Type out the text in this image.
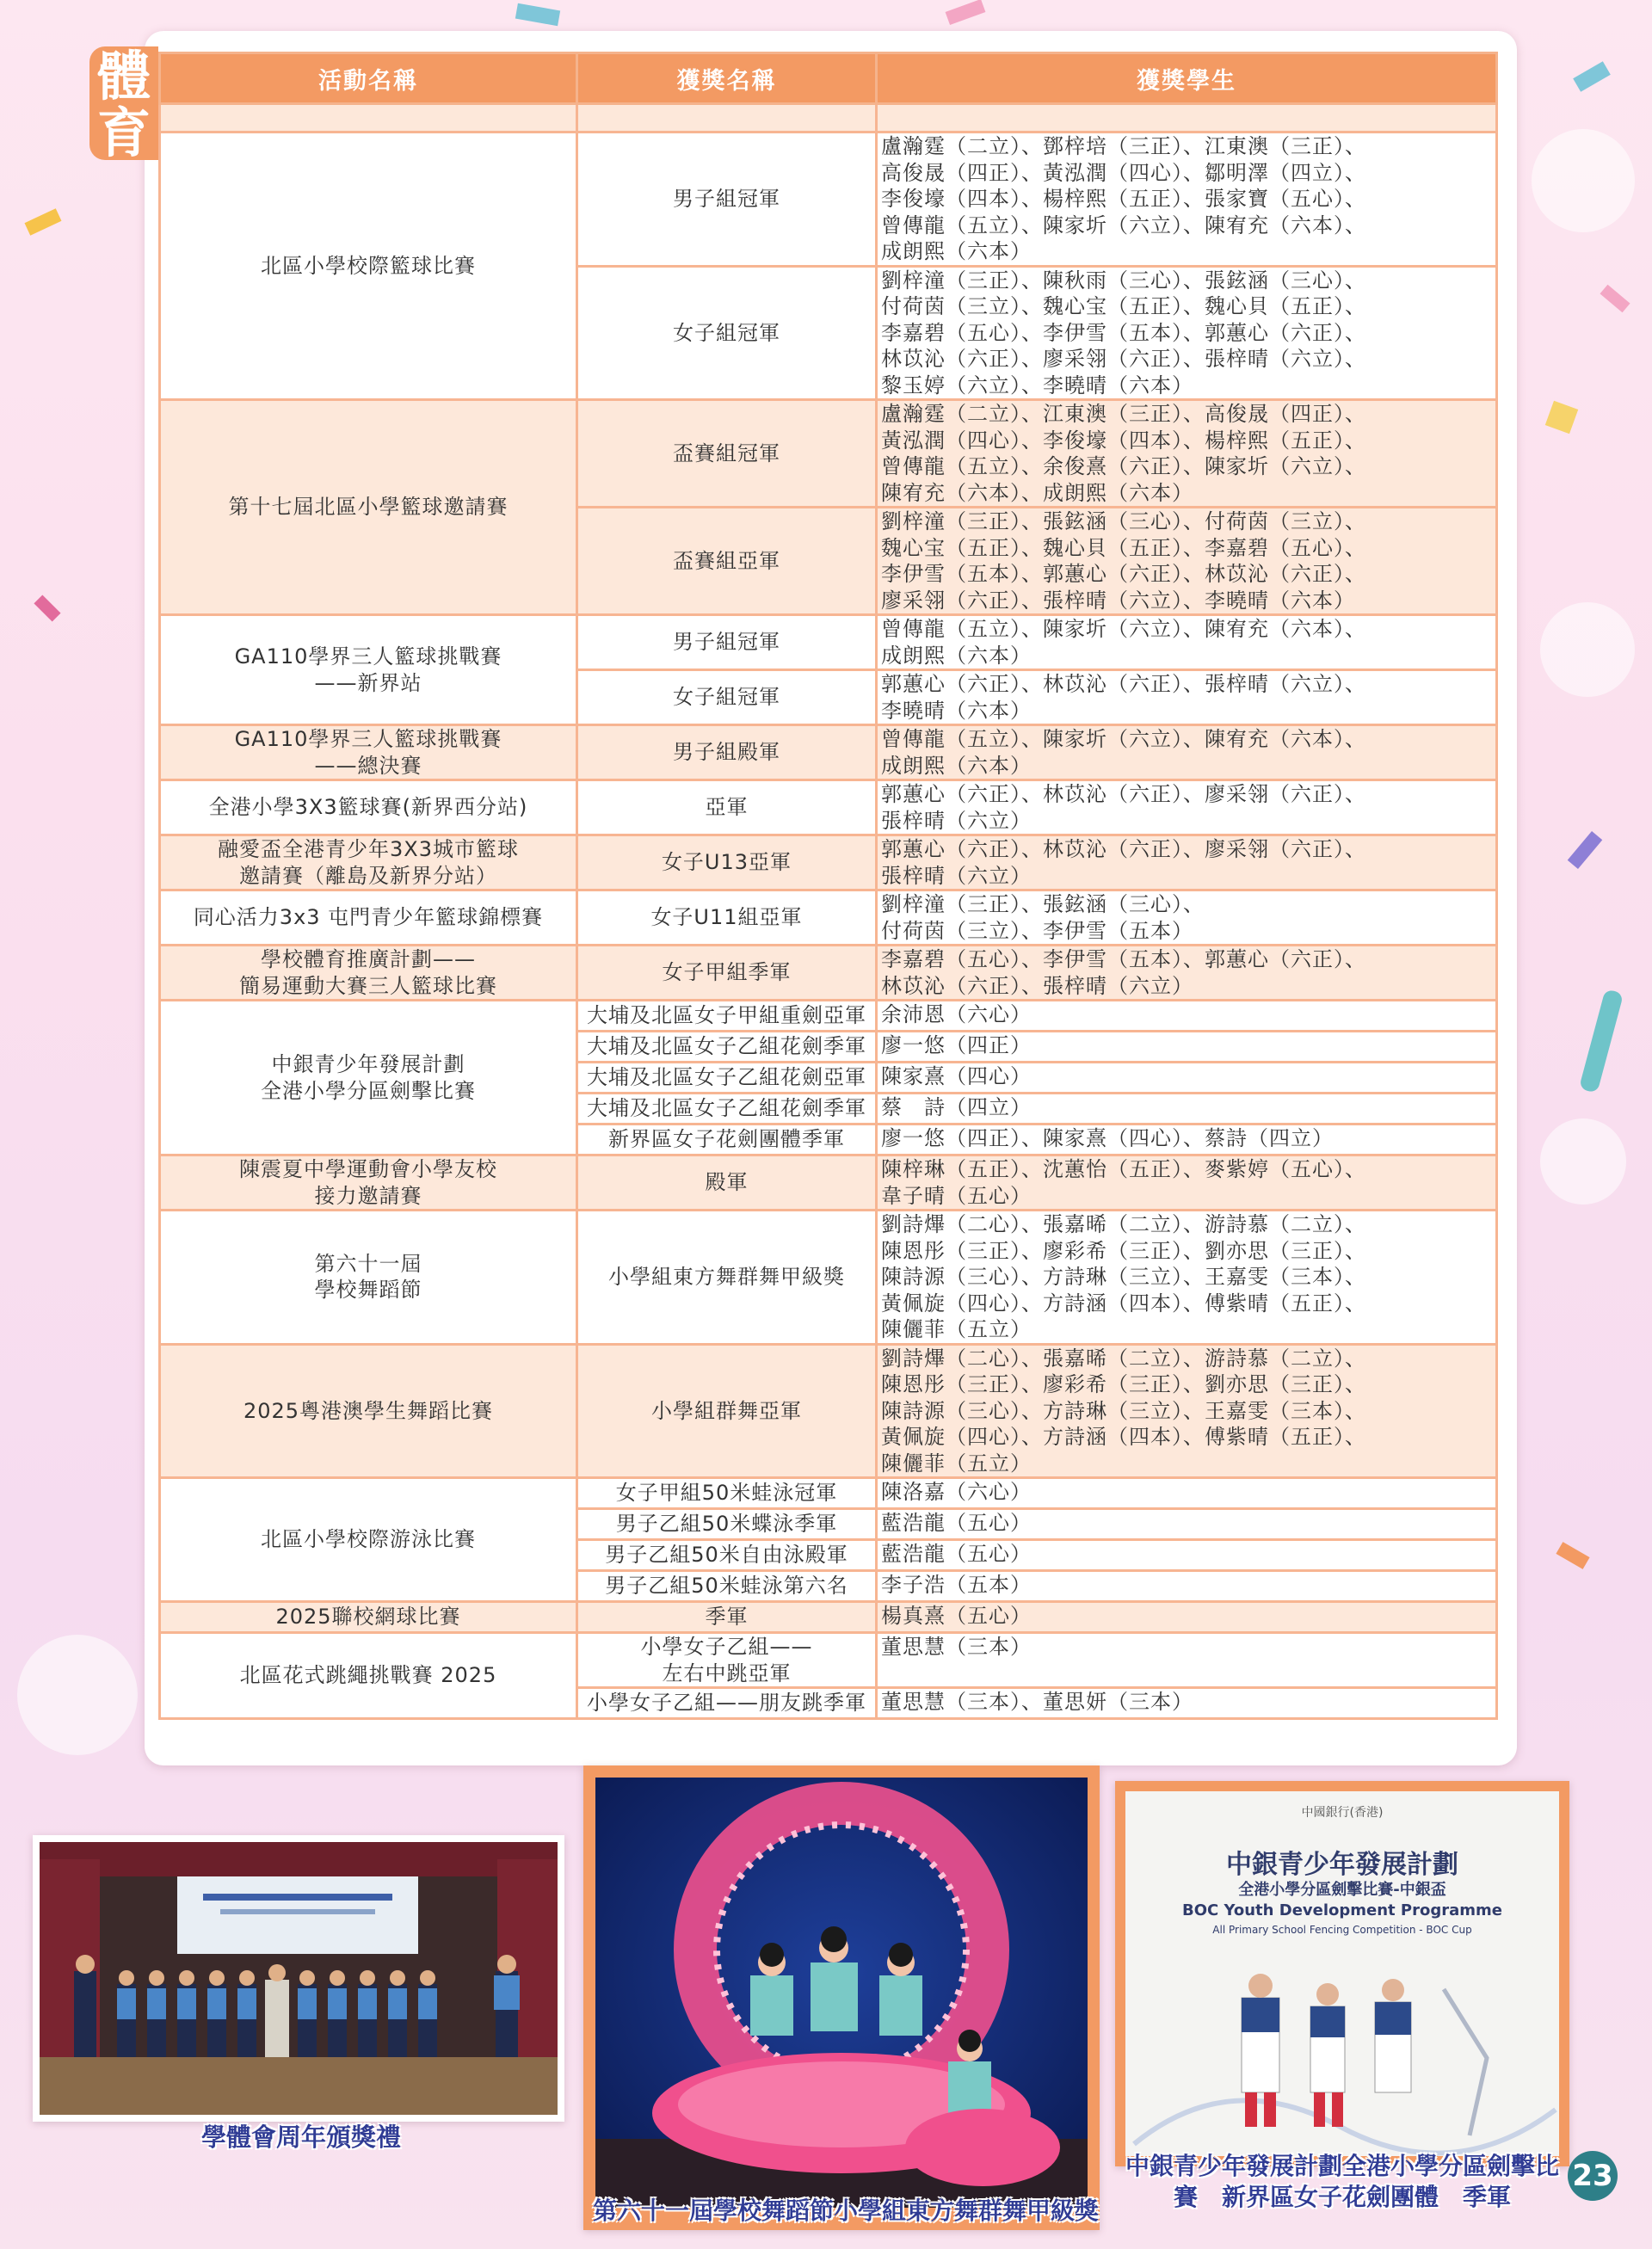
體
育
活動名稱	獲獎名稱	獲獎學生

北區小學校際籃球比賽	男子組冠軍	盧瀚霆（二立）、鄧梓培（三正）、江東澳（三正）、
高俊晟（四正）、黃泓潤（四心）、鄒明澤（四立）、
李俊壕（四本）、楊梓熙（五正）、張家寶（五心）、
曾傳龍（五立）、陳家圻（六立）、陳宥充（六本）、
成朗熙（六本）
	女子組冠軍	劉梓潼（三正）、陳秋雨（三心）、張鉉涵（三心）、
付荷茵（三立）、魏心宝（五正）、魏心貝（五正）、
李嘉碧（五心）、李伊雪（五本）、郭蕙心（六正）、
林苡沁（六正）、廖采翎（六正）、張梓晴（六立）、
黎玉婷（六立）、李曉晴（六本）
第十七屆北區小學籃球邀請賽	盃賽組冠軍	盧瀚霆（二立）、江東澳（三正）、高俊晟（四正）、
黃泓潤（四心）、李俊壕（四本）、楊梓熙（五正）、
曾傳龍（五立）、余俊熹（六正）、陳家圻（六立）、
陳宥充（六本）、成朗熙（六本）
	盃賽組亞軍	劉梓潼（三正）、張鉉涵（三心）、付荷茵（三立）、
魏心宝（五正）、魏心貝（五正）、李嘉碧（五心）、
李伊雪（五本）、郭蕙心（六正）、林苡沁（六正）、
廖采翎（六正）、張梓晴（六立）、李曉晴（六本）
GA110學界三人籃球挑戰賽
——新界站	男子組冠軍	曾傳龍（五立）、陳家圻（六立）、陳宥充（六本）、
成朗熙（六本）
	女子組冠軍	郭蕙心（六正）、林苡沁（六正）、張梓晴（六立）、
李曉晴（六本）
GA110學界三人籃球挑戰賽
——總決賽	男子組殿軍	曾傳龍（五立）、陳家圻（六立）、陳宥充（六本）、
成朗熙（六本）
全港小學3X3籃球賽(新界西分站)	亞軍	郭蕙心（六正）、林苡沁（六正）、廖采翎（六正）、
張梓晴（六立）
融愛盃全港青少年3X3城市籃球
邀請賽（離島及新界分站）	女子U13亞軍	郭蕙心（六正）、林苡沁（六正）、廖采翎（六正）、
張梓晴（六立）
同心活力3x3 屯門青少年籃球錦標賽	女子U11組亞軍	劉梓潼（三正）、張鉉涵（三心）、
付荷茵（三立）、李伊雪（五本）
學校體育推廣計劃——
簡易運動大賽三人籃球比賽	女子甲組季軍	李嘉碧（五心）、李伊雪（五本）、郭蕙心（六正）、
林苡沁（六正）、張梓晴（六立）
中銀青少年發展計劃
全港小學分區劍擊比賽	大埔及北區女子甲組重劍亞軍	余沛恩（六心）
	大埔及北區女子乙組花劍季軍	廖一悠（四正）
	大埔及北區女子乙組花劍亞軍	陳家熹（四心）
	大埔及北區女子乙組花劍季軍	蔡　詩（四立）
	新界區女子花劍團體季軍	廖一悠（四正）、陳家熹（四心）、蔡詩（四立）
陳震夏中學運動會小學友校
接力邀請賽	殿軍	陳梓琳（五正）、沈蕙怡（五正）、麥紫婷（五心）、
韋子晴（五心）
第六十一屆
學校舞蹈節	小學組東方舞群舞甲級獎	劉詩熚（二心）、張嘉晞（二立）、游詩慕（二立）、
陳恩彤（三正）、廖彩希（三正）、劉亦思（三正）、
陳詩源（三心）、方詩琳（三立）、王嘉雯（三本）、
黃佩旋（四心）、方詩涵（四本）、傅紫晴（五正）、
陳儷菲（五立）
2025粵港澳學生舞蹈比賽	小學組群舞亞軍	劉詩熚（二心）、張嘉晞（二立）、游詩慕（二立）、
陳恩彤（三正）、廖彩希（三正）、劉亦思（三正）、
陳詩源（三心）、方詩琳（三立）、王嘉雯（三本）、
黃佩旋（四心）、方詩涵（四本）、傅紫晴（五正）、
陳儷菲（五立）
北區小學校際游泳比賽	女子甲組50米蛙泳冠軍	陳洛嘉（六心）
	男子乙組50米蝶泳季軍	藍浩龍（五心）
	男子乙組50米自由泳殿軍	藍浩龍（五心）
	男子乙組50米蛙泳第六名	李子浩（五本）
2025聯校網球比賽	季軍	楊真熹（五心）
北區花式跳繩挑戰賽 2025	小學女子乙組——
左右中跳亞軍	董思慧（三本）
	小學女子乙組——朋友跳季軍	董思慧（三本）、董思妍（三本）
學體會周年頒獎禮
第六十一屆學校舞蹈節小學組東方舞群舞甲級獎
中國銀行(香港)
中銀青少年發展計劃
全港小學分區劍擊比賽-中銀盃
BOC Youth Development Programme
All Primary School Fencing Competition - BOC Cup
中銀青少年發展計劃全港小學分區劍擊比賽　新界區女子花劍團體　季軍
23
